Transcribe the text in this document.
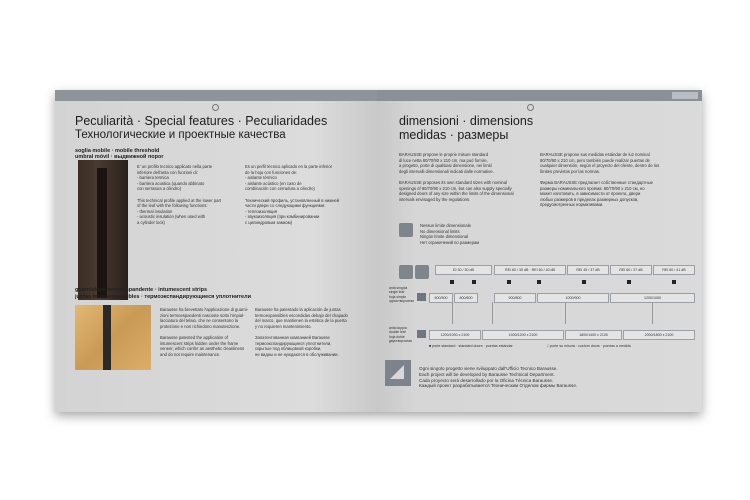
Peculiarità · Special features · Peculiaridades
Технологические и проектные качества
soglia mobile · mobile threshold
umbral móvil · выдвижной порог
E' un profilo tecnico applicato nella parte
inferiore dell'anta con funzioni di:
- barriera termica
- barriera acustica (quando abbinato
con serratura a cilindro)

This technical profile applied at the lower part
of the leaf with the following functions:
- thermal insulation
- acoustic insulation (when used with
a cylinder lock)
Es un perfil técnico aplicado en la parte inferior
de la hoja con funciones de:
- aislante térmico
- aislante acústico (en caso de
combinación con cerradura a cilindro)

Технический профиль, установленный в нижней
части двери со следующими функциями:
- теплоизоляция
- звукоизоляция (при комбинировании
с цилиндровым замком)
guarnizione termoespandente · intumescent strips
juntas termoexpansibles · термоэкспандирующиеся уплотнители
Barausse ha brevettato l'applicazione di guarni-
zioni termoespandenti nascoste sotto l'impial-
lacciatura del telaio, che ne consentono la
protezione e non richiedono manutenzione.

Barausse patented the application of
intumescent strips hidden under the frame
veneer, which confer an aesthetic cleanliness
and do not require maintenance.
Barausse ha patentado la aplicación de juntas
termoexpansibles escondidas debajo del chapado
del marco, que mantienen la estética de la puerta
y no requieren mantenimiento.

Запатентованная компанией Barausse
термоэкспандирующиеся уплотнители,
скрытые под облицовкой коробки,
не видны и не нуждаются в обслуживании.
dimensioni · dimensions
medidas · размеры
BARAUSSE propone le proprie misure standard
di luce netta 80/70/90 x 210 cm, ma può fornire,
a progetto, porte di qualsiasi dimensione, nei limiti
degli intervalli dimensionali indicati dalle normative.

BARAUSSE proposes its own standard sizes with nominal
openings of 80/70/90 x 210 cm, but can also supply specially
designed doors of any size within the limits of the dimensional
intervals envisaged by the regulations.
BARAUSSE propone sus medidas estándar de luz nominal
80/70/90 x 210 cm, pero también puede realizar puertas de
cualquier dimensión, según el proyecto del cliente, dentro de los
límites previstos por las normas.

Фирма BARAUSSE предлагает собственные стандартные
размеры номинального проёма: 80/70/90 x 210 см, но
может изготовить, в зависимости от проекта, двери
любых размеров в пределах размерных допусков,
предусмотренных нормативами.
Nessun limite dimensionale
No dimensional limits
Ningún límite dimensional
Нет ограничений по размерам
EI 30 / 30 dB	REI 60 / 30 dB · REI 60 / 40 dB	REI 45 / 37 dB	REI 60 / 37 dB	REI 60 / 41 dB
anta singola
single leaf
hoja simple
одностворчатая
600/500	800/600	900/800	1000/900	1200/1000
anta doppia
double leaf
hoja doble
двустворчатая
1200/1000 x 2100	1400/1200 x 2100	1800/1400 x 2100	2000/1800 x 2100
■ porte standard · standard doors · puertas estándar	□ porte su misura · custom doors · puertas a medida
Ogni singolo progetto viene sviluppato dall'Ufficio Tecnico Barausse.
Each project will be developed by Barausse Technical Department.
Cada proyecto será desarrollado por la Oficina Técnica Barausse.
Каждый проект разрабатывается Техническим Отделом фирмы Barausse.
